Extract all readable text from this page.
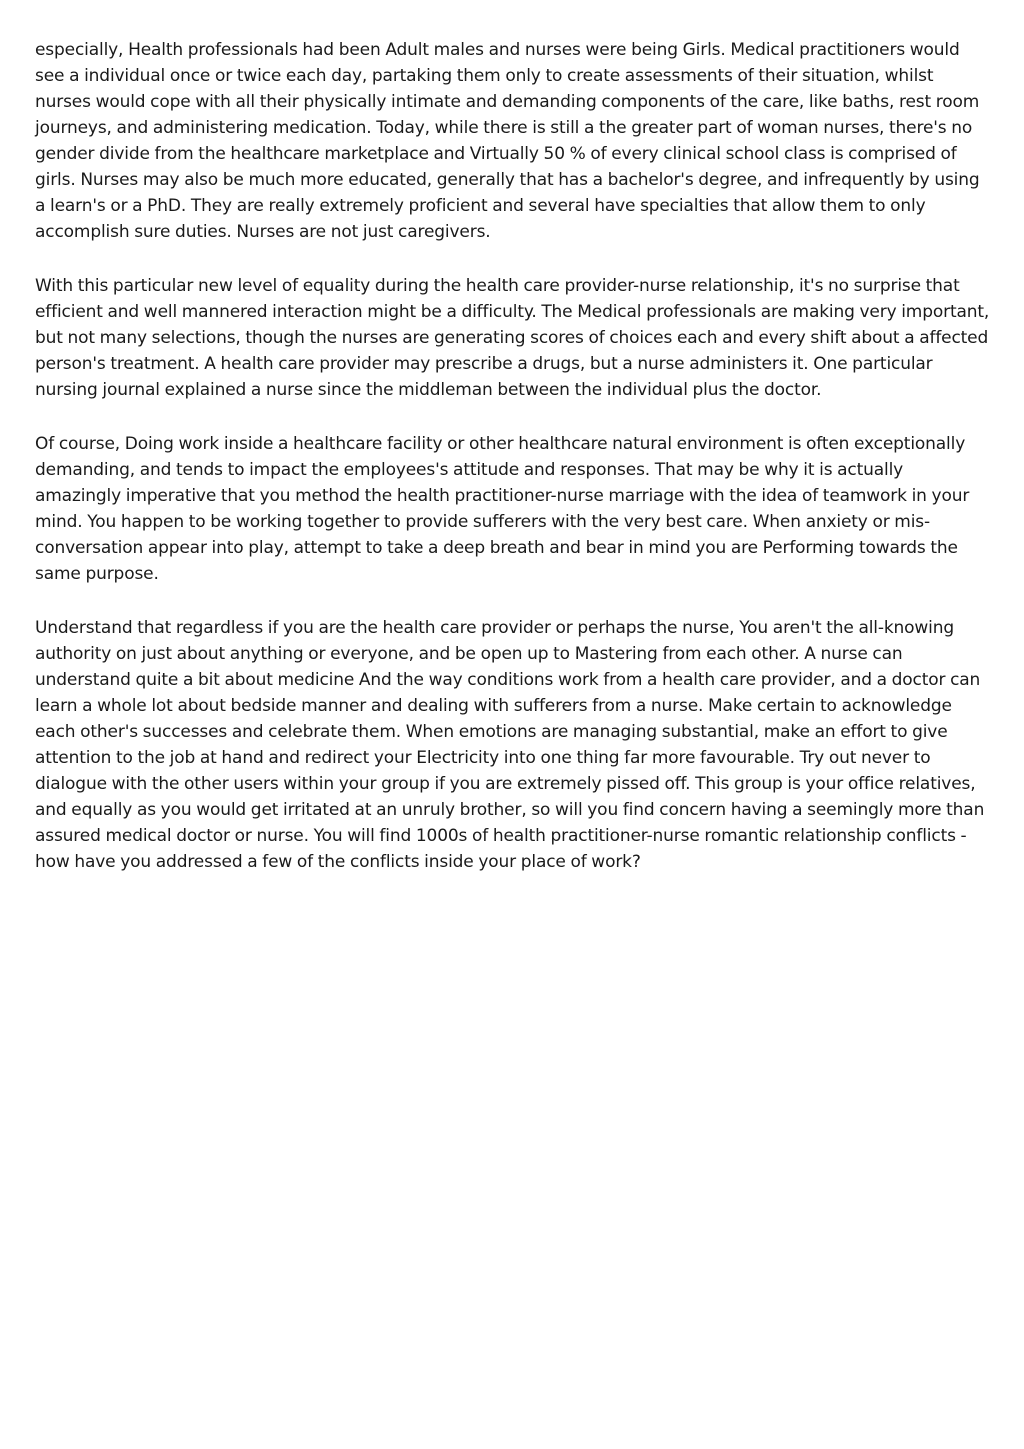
especially, Health professionals had been Adult males and nurses were being Girls. Medical practitioners would see a individual once or twice each day, partaking them only to create assessments of their situation, whilst nurses would cope with all their physically intimate and demanding components of the care, like baths, rest room journeys, and administering medication. Today, while there is still a the greater part of woman nurses, there's no gender divide from the healthcare marketplace and Virtually 50 % of every clinical school class is comprised of girls. Nurses may also be much more educated, generally that has a bachelor's degree, and infrequently by using a learn's or a PhD. They are really extremely proficient and several have specialties that allow them to only accomplish sure duties. Nurses are not just caregivers.

With this particular new level of equality during the health care provider-nurse relationship, it's no surprise that efficient and well mannered interaction might be a difficulty. The Medical professionals are making very important, but not many selections, though the nurses are generating scores of choices each and every shift about a affected person's treatment. A health care provider may prescribe a drugs, but a nurse administers it. One particular nursing journal explained a nurse since the middleman between the individual plus the doctor.

Of course, Doing work inside a healthcare facility or other healthcare natural environment is often exceptionally demanding, and tends to impact the employees's attitude and responses. That may be why it is actually amazingly imperative that you method the health practitioner-nurse marriage with the idea of teamwork in your mind. You happen to be working together to provide sufferers with the very best care. When anxiety or mis-conversation appear into play, attempt to take a deep breath and bear in mind you are Performing towards the same purpose.

Understand that regardless if you are the health care provider or perhaps the nurse, You aren't the all-knowing authority on just about anything or everyone, and be open up to Mastering from each other. A nurse can understand quite a bit about medicine And the way conditions work from a health care provider, and a doctor can learn a whole lot about bedside manner and dealing with sufferers from a nurse. Make certain to acknowledge each other's successes and celebrate them. When emotions are managing substantial, make an effort to give attention to the job at hand and redirect your Electricity into one thing far more favourable. Try out never to dialogue with the other users within your group if you are extremely pissed off. This group is your office relatives, and equally as you would get irritated at an unruly brother, so will you find concern having a seemingly more than assured medical doctor or nurse. You will find 1000s of health practitioner-nurse romantic relationship conflicts - how have you addressed a few of the conflicts inside your place of work?
